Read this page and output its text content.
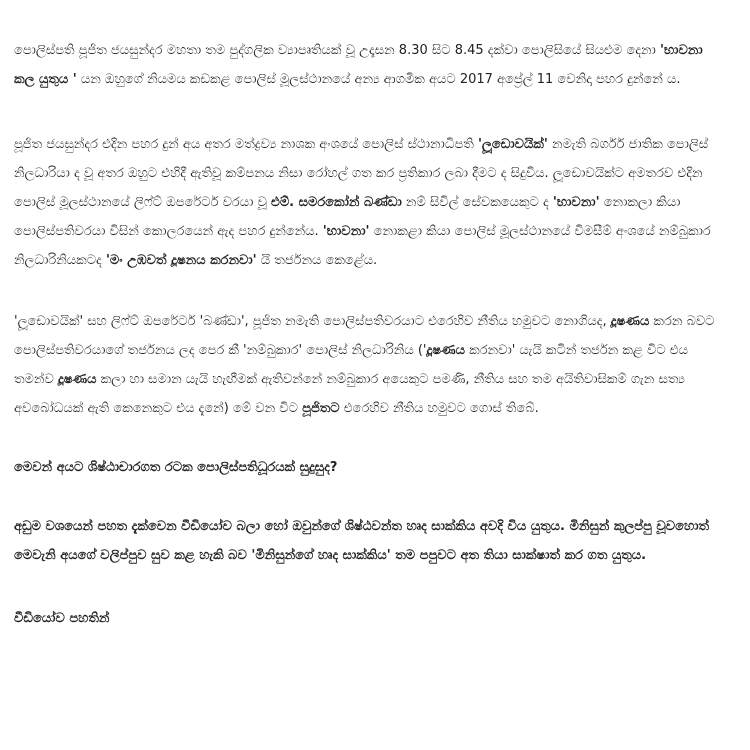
පොලිස්පති පූජිත ජයසුන්දර මහතා තම පුද්ගලික ව්‍යාපෘතියක් වූ උදෑසන 8.30 සිට 8.45 දක්වා පොලිසියේ සියළුම දෙනා 'භාවනා කල යුතුය ' යන ඔහුගේ නියමය කඩකළ පොලිස් මූලස්ථානයේ අන්‍ය ආගමික අයට 2017 අප්‍රේල් 11 වෙනිදා පහර දුන්නේ ය.

පූජිත ජයසුන්දර එදින පහර දුන් අය අතර මත්ද්‍රව්‍ය නාශක අංශයේ පොලිස් ස්ථානාධිපති 'ලූඩොවයික්' නමැති බර්ගර් ජාතික පොලිස් නිලධාරියා ද වූ අතර ඔහුට එහිදී ඇතිවූ කම්පනය නිසා රෝහල් ගත කර ප්‍රතිකාර ලබා දීමට ද සිදුවිය. ලූඩොවයික්ට අමතරව එදින පොලිස් මූලස්ථානයේ ලිෆ්ට් ඔපරේටර් වරයා වූ එම්. සමරකෝන් බණ්ඩා නම් සිවිල් සේවකයෙකුට ද 'භාවනා' නොකලා කියා පොලිස්පතිවරයා විසින් කොලරයෙන් ඇද පහර දුන්නේය. 'භාවනා' නොකළා කියා පොලිස් මූලස්ථානයේ විමසීම් අංශයේ නම්බුකාර නිලධාරිනියකටද 'මං උඹවත් දූෂනය කරනවා' යි තර්ජනය කෙළේය.

'ලූඩොවයික්' සහ ලිෆ්ට් ඔපරේටර් 'බණ්ඩා', පූජිත නමැති පොලිස්පතිවරයාට එරෙහිව නීතිය හමුවට නොගියද, දූෂණය කරන බවට පොලිස්පතිවරයාගේ තර්ජනය ලද පෙර කී 'නම්බුකාර' පොලිස් නිලධාරිනිය ('දූෂණය කරනවා' යැයි කටින් තර්ජන කළ විට එය තමන්ව දූෂණය කලා හා සමාන යැයි හැඟීමක් ඇතිවන්නේ නම්බුකාර අයෙකුට පමණි, නීතිය සහ තම අයිතිවාසිකම් ගැන සත්‍ය අවබෝධයක් ඇති කෙනෙකුට එය දැනේ) මේ වන විට පූජිතට එරෙහිව නීතිය හමුවට ගොස් තිබේ.

මෙවන් අයට ශිෂ්ඨාචාරගත රටක පොලිස්පතිධූරයක් සුදුසුද?

අඩුම වශයෙන් පහත දැක්වෙන වීඩියෝව බලා හෝ ඔවුන්ගේ ශිෂ්ඨවන්ත හෘද සාක්කිය අවදි විය යුතුය. මිනිසුන් කුලප්පු වූවහොත් මෙවැනි අයගේ වලිප්පුව සුව කළ හැකි බව 'මිනිසුන්ගේ හෘද සාක්කිය' තම පපුවට අත තියා සාක්ෂාත් කර ගත යුතුය.

වීඩියෝව පහතින්
